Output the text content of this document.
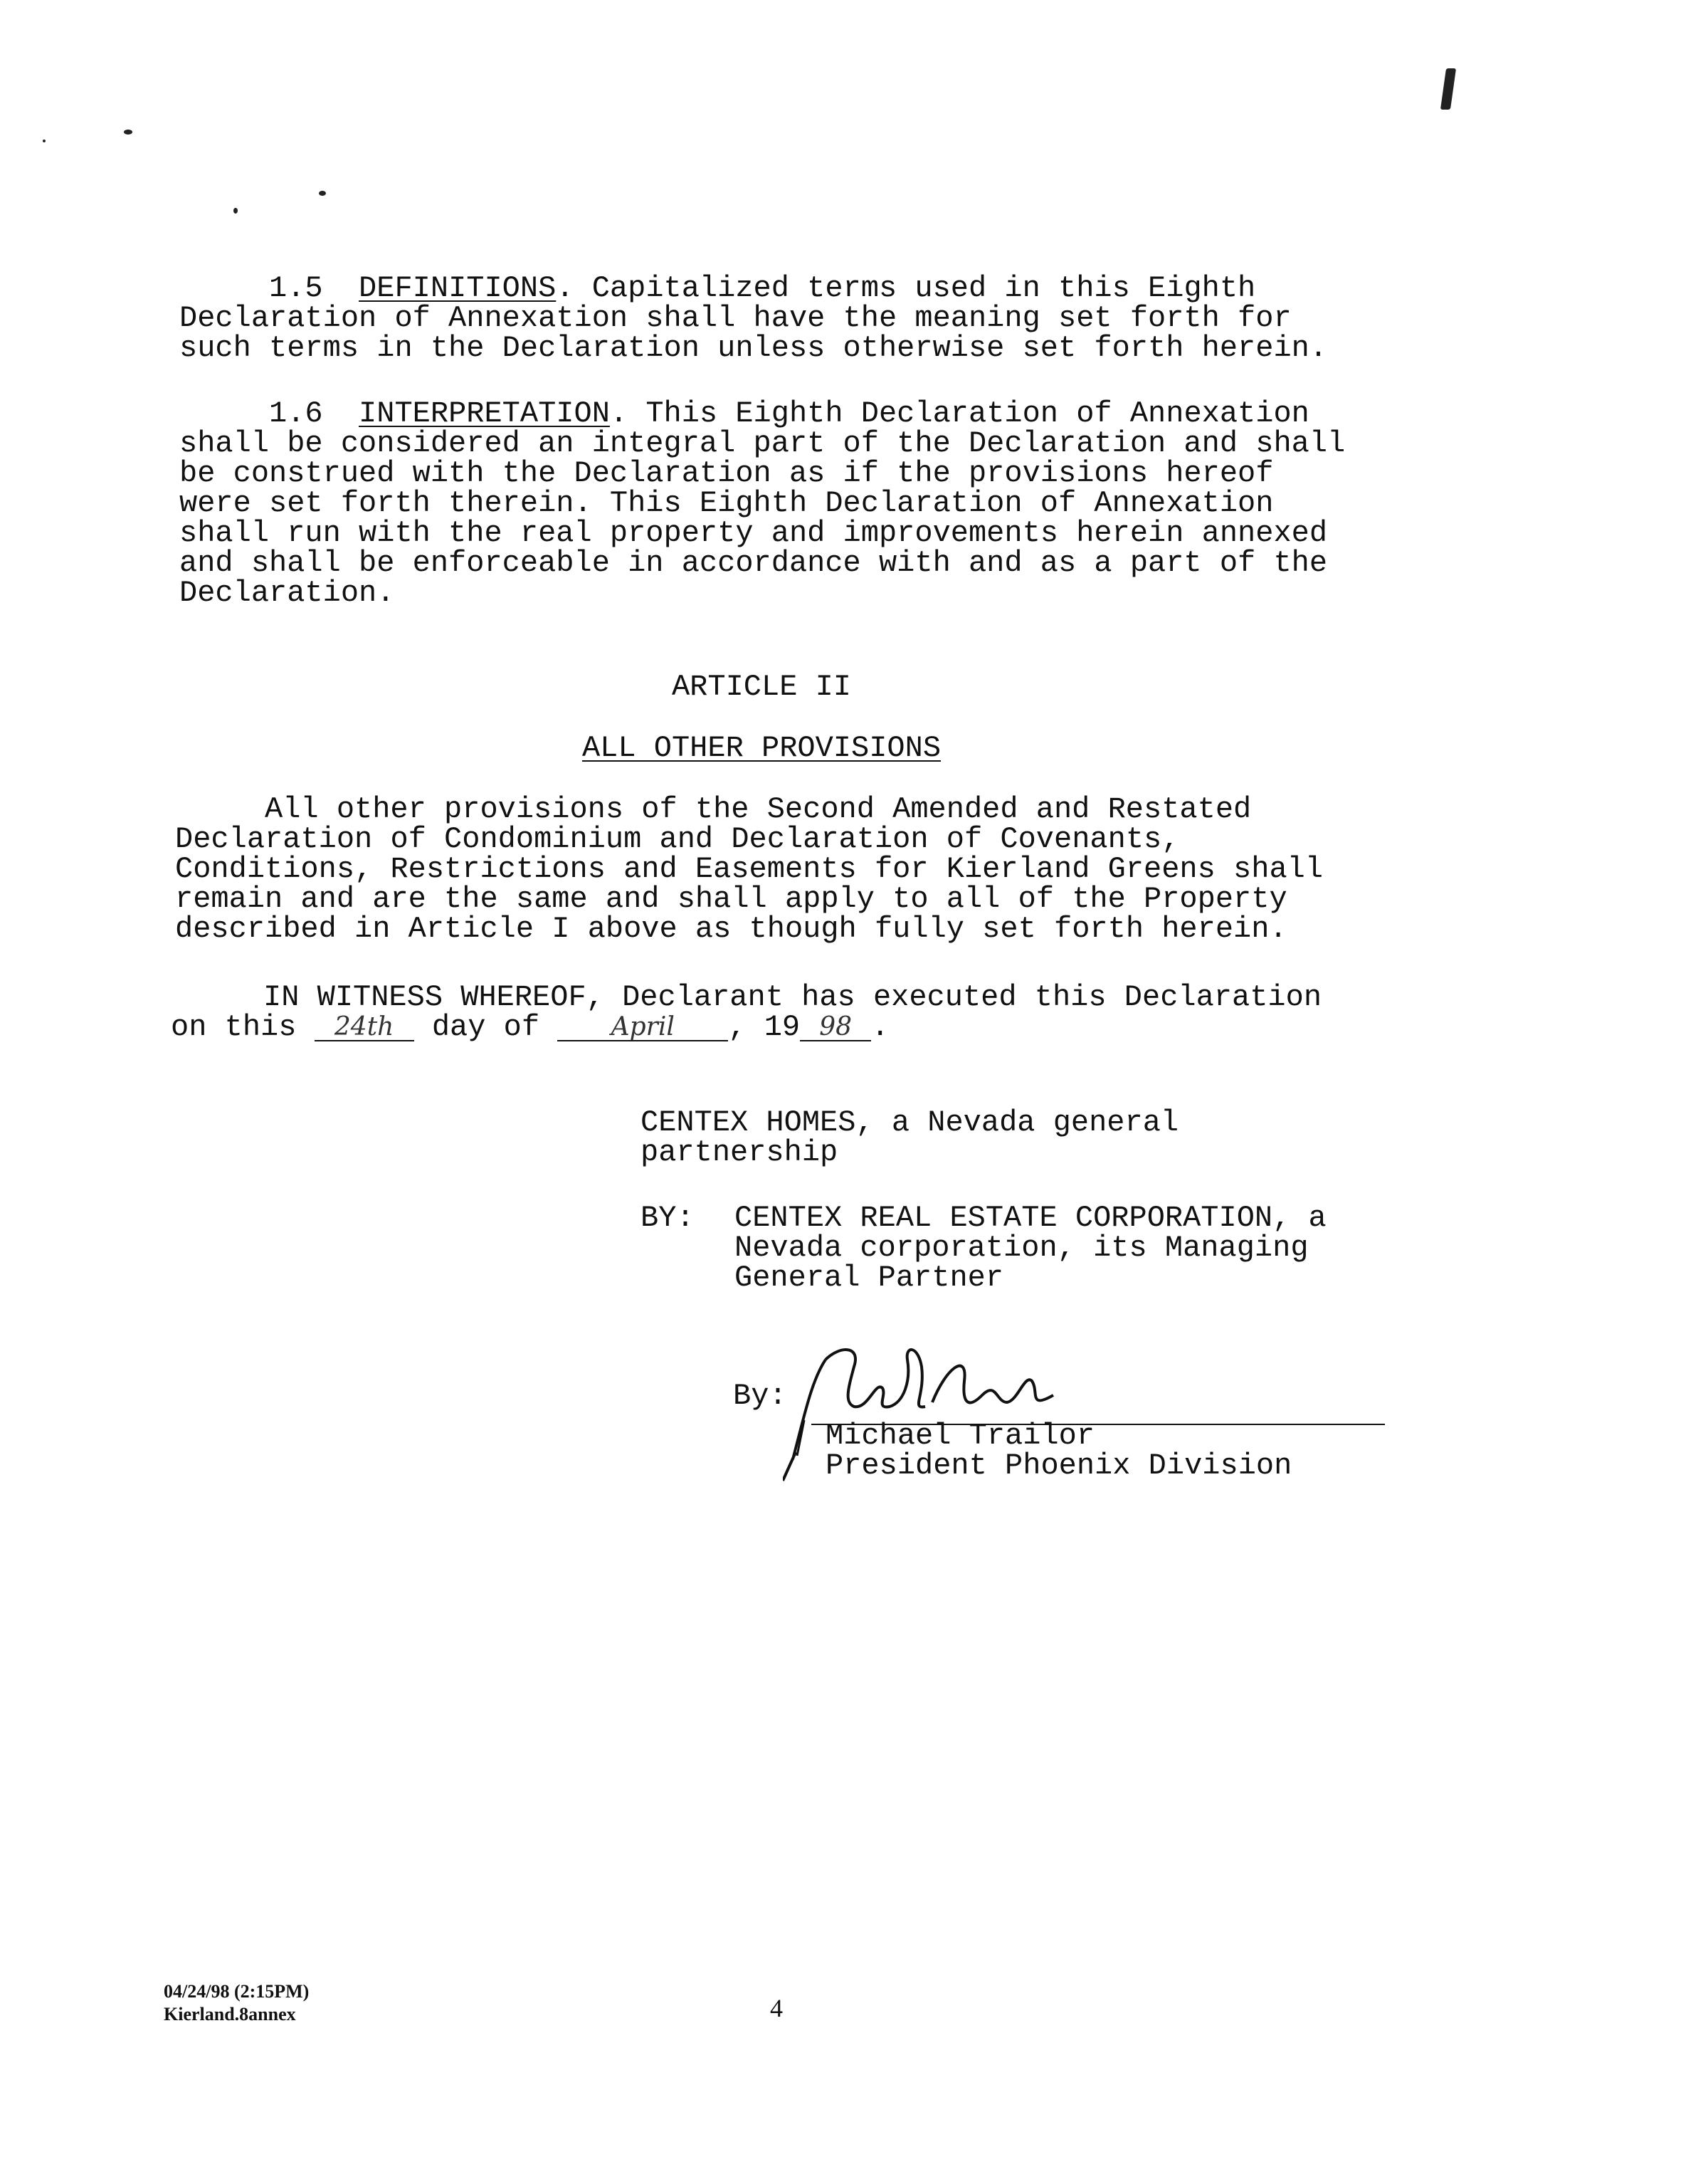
1.5 DEFINITIONS. Capitalized terms used in this Eighth
Declaration of Annexation shall have the meaning set forth for
such terms in the Declaration unless otherwise set forth herein.
1.6 INTERPRETATION. This Eighth Declaration of Annexation
shall be considered an integral part of the Declaration and shall
be construed with the Declaration as if the provisions hereof
were set forth therein. This Eighth Declaration of Annexation
shall run with the real property and improvements herein annexed
and shall be enforceable in accordance with and as a part of the
Declaration.
ARTICLE II
ALL OTHER PROVISIONS
All other provisions of the Second Amended and Restated
Declaration of Condominium and Declaration of Covenants,
Conditions, Restrictions and Easements for Kierland Greens shall
remain and are the same and shall apply to all of the Property
described in Article I above as though fully set forth herein.
IN WITNESS WHEREOF, Declarant has executed this Declaration
on this 24th day of April , 19 98 .
CENTEX HOMES, a Nevada general
partnership
BY: CENTEX REAL ESTATE CORPORATION, a
Nevada corporation, its Managing
General Partner
By:
Michael Trailor
President Phoenix Division
04/24/98 (2:15PM)
Kierland.8annex	4
